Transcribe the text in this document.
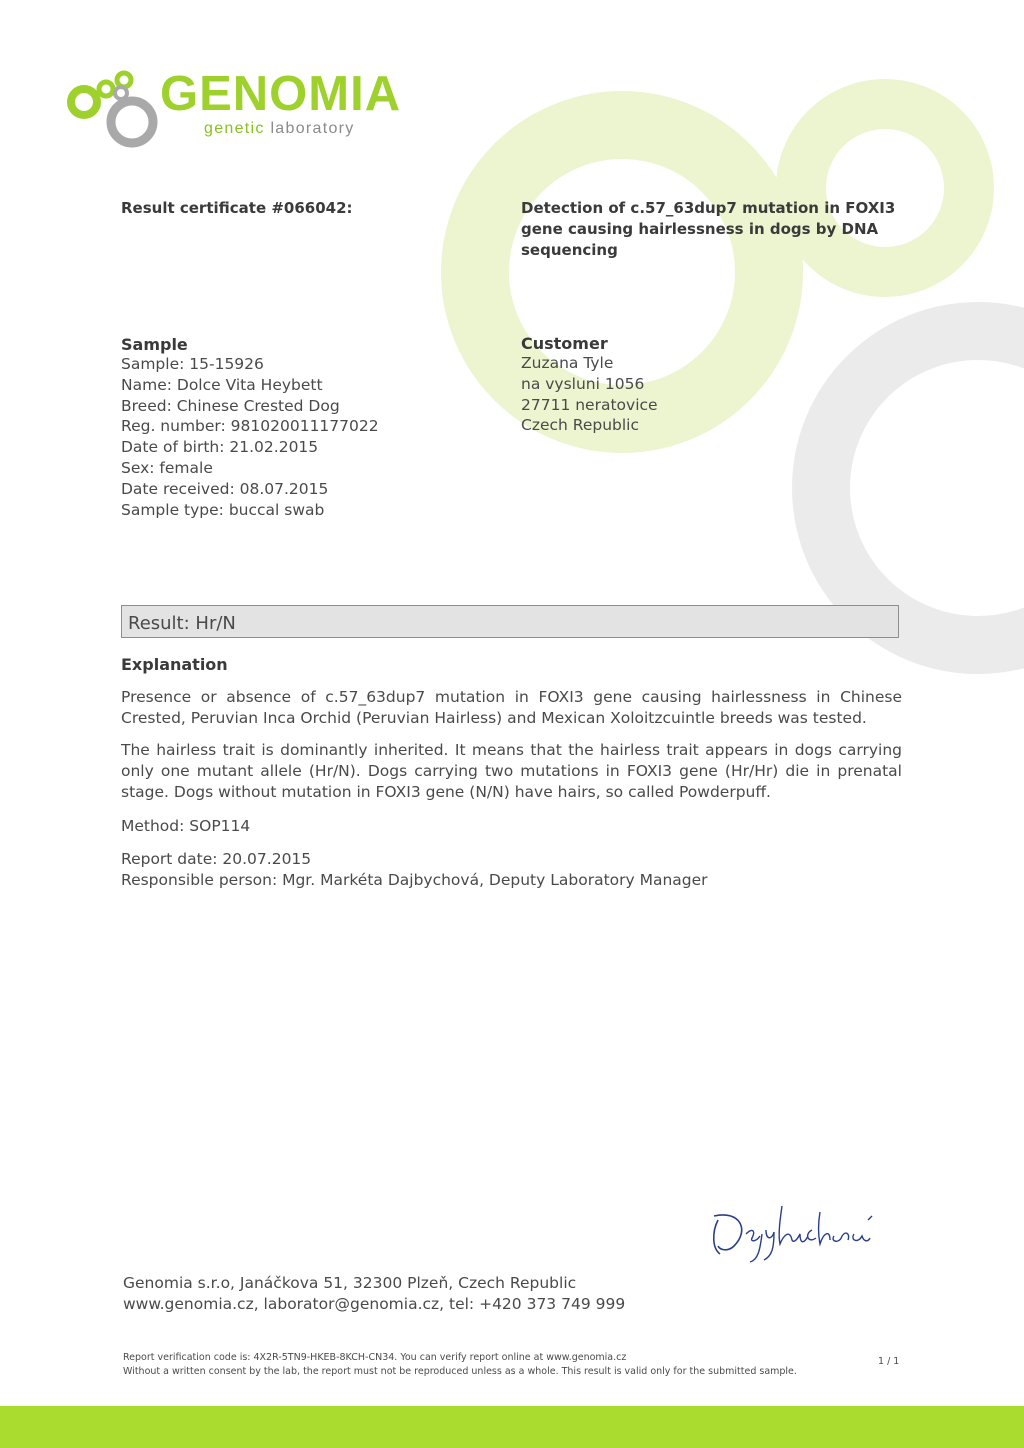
GENOMIA
genetic laboratory
Result certificate #066042:	Detection of c.57_63dup7 mutation in FOXI3 gene causing hairlessness in dogs by DNA sequencing
Sample

Sample: 15-15926

Name: Dolce Vita Heybett

Breed: Chinese Crested Dog

Reg. number: 981020011177022

Date of birth: 21.02.2015

Sex: female

Date received: 08.07.2015

Sample type: buccal swab

Customer

Zuzana Tyle

na vysluni 1056

27711 neratovice

Czech Republic

Result: Hr/N
Explanation

Presence or absence of c.57_63dup7 mutation in FOXI3 gene causing hairlessness in Chinese Crested, Peruvian Inca Orchid (Peruvian Hairless) and Mexican Xoloitzcuintle breeds was tested.

The hairless trait is dominantly inherited. It means that the hairless trait appears in dogs carrying only one mutant allele (Hr/N). Dogs carrying two mutations in FOXI3 gene (Hr/Hr) die in prenatal stage. Dogs without mutation in FOXI3 gene (N/N) have hairs, so called Powderpuff.

Method: SOP114

Report date: 20.07.2015

Responsible person: Mgr. Markéta Dajbychová, Deputy Laboratory Manager

Genomia s.r.o, Janáčkova 51, 32300 Plzeň, Czech Republic

www.genomia.cz, laborator@genomia.cz, tel: +420 373 749 999

Report verification code is: 4X2R-5TN9-HKEB-8KCH-CN34. You can verify report online at www.genomia.cz

Without a written consent by the lab, the report must not be reproduced unless as a whole. This result is valid only for the submitted sample.

1 / 1
